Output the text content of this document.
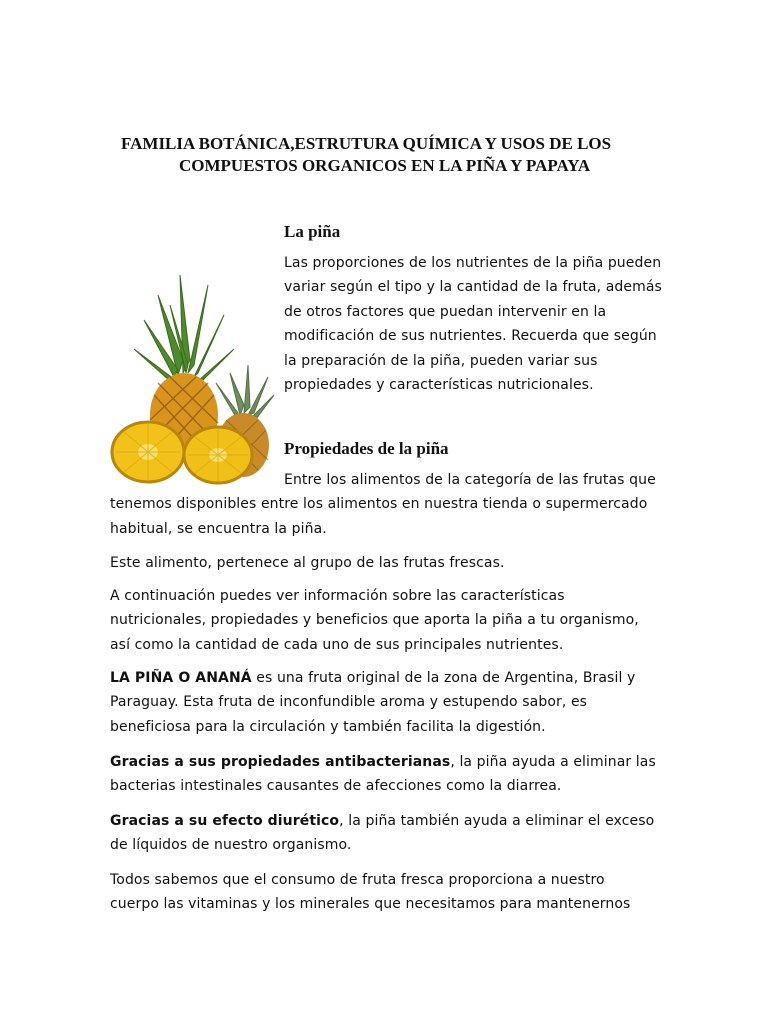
FAMILIA BOTÁNICA,ESTRUTURA QUÍMICA Y USOS DE LOS
COMPUESTOS ORGANICOS EN LA PIÑA Y PAPAYA
La piña

Las proporciones de los nutrientes de la piña pueden variar según el tipo y la cantidad de la fruta, además de otros factores que puedan intervenir en la modificación de sus nutrientes. Recuerda que según la preparación de la piña, pueden variar sus propiedades y características nutricionales.

Propiedades de la piña

Entre los alimentos de la categoría de las frutas que tenemos disponibles entre los alimentos en nuestra tienda o supermercado habitual, se encuentra la piña.

Este alimento, pertenece al grupo de las frutas frescas.

A continuación puedes ver información sobre las características nutricionales, propiedades y beneficios que aporta la piña a tu organismo, así como la cantidad de cada uno de sus principales nutrientes.

LA PIÑA O ANANÁ es una fruta original de la zona de Argentina, Brasil y Paraguay. Esta fruta de inconfundible aroma y estupendo sabor, es beneficiosa para la circulación y también facilita la digestión.

Gracias a sus propiedades antibacterianas, la piña ayuda a eliminar las bacterias intestinales causantes de afecciones como la diarrea.

Gracias a su efecto diurético, la piña también ayuda a eliminar el exceso de líquidos de nuestro organismo.

Todos sabemos que el consumo de fruta fresca proporciona a nuestro cuerpo las vitaminas y los minerales que necesitamos para mantenernos
